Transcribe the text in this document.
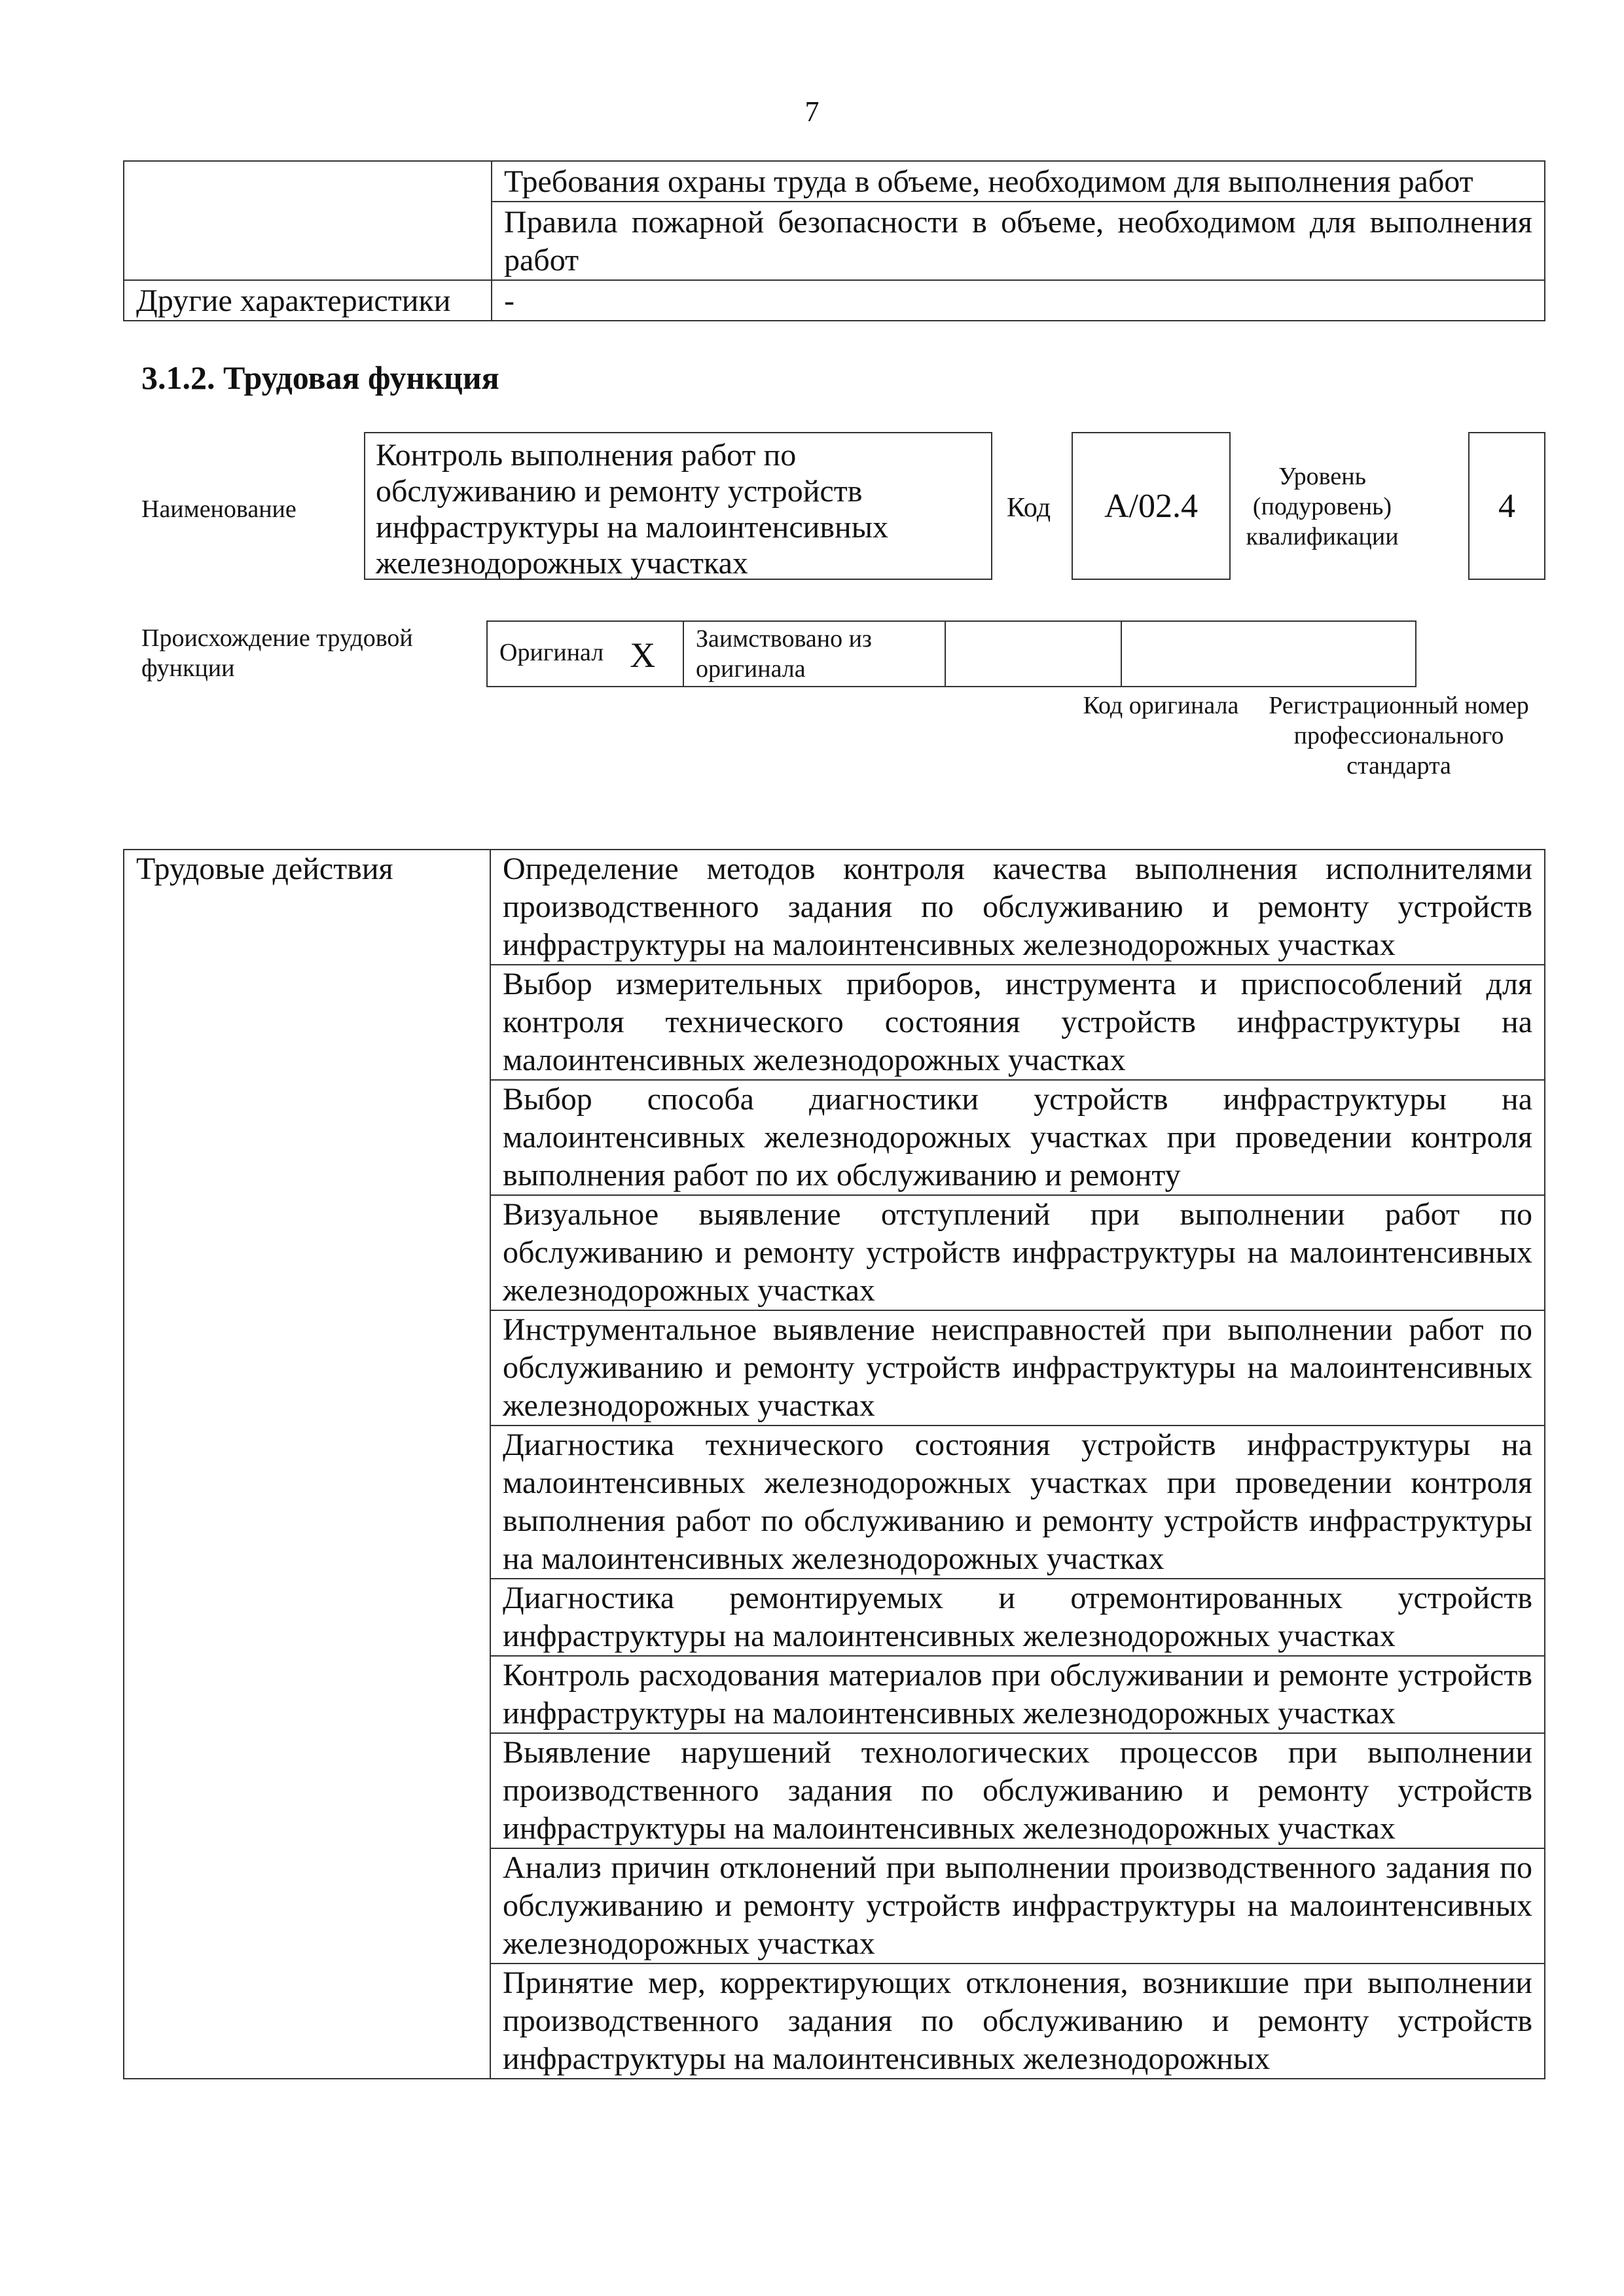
7
	Требования охраны труда в объеме, необходимом для выполнения работ
	Правила пожарной безопасности в объеме, необходимом для выполнения работ
Другие характеристики	-
3.1.2. Трудовая функция
Наименование
Контроль выполнения работ по обслуживанию и ремонту устройств инфраструктуры на малоинтенсивных железнодорожных участках
Код	А/02.4
Уровень (подуровень) квалификации
4
Происхождение трудовой функции
Оригинал Х	Заимствовано из оригинала		
Код оригинала	Регистрационный номер профессионального стандарта
Трудовые действия	Определение методов контроля качества выполнения исполнителями производственного задания по обслуживанию и ремонту устройств инфраструктуры на малоинтенсивных железнодорожных участках
Выбор измерительных приборов, инструмента и приспособлений для контроля технического состояния устройств инфраструктуры на малоинтенсивных железнодорожных участках
Выбор способа диагностики устройств инфраструктуры на малоинтенсивных железнодорожных участках при проведении контроля выполнения работ по их обслуживанию и ремонту
Визуальное выявление отступлений при выполнении работ по обслуживанию и ремонту устройств инфраструктуры на малоинтенсивных железнодорожных участках
Инструментальное выявление неисправностей при выполнении работ по обслуживанию и ремонту устройств инфраструктуры на малоинтенсивных железнодорожных участках
Диагностика технического состояния устройств инфраструктуры на малоинтенсивных железнодорожных участках при проведении контроля выполнения работ по обслуживанию и ремонту устройств инфраструктуры на малоинтенсивных железнодорожных участках
Диагностика ремонтируемых и отремонтированных устройств инфраструктуры на малоинтенсивных железнодорожных участках
Контроль расходования материалов при обслуживании и ремонте устройств инфраструктуры на малоинтенсивных железнодорожных участках
Выявление нарушений технологических процессов при выполнении производственного задания по обслуживанию и ремонту устройств инфраструктуры на малоинтенсивных железнодорожных участках
Анализ причин отклонений при выполнении производственного задания по обслуживанию и ремонту устройств инфраструктуры на малоинтенсивных железнодорожных участках
Принятие мер, корректирующих отклонения, возникшие при выполнении производственного задания по обслуживанию и ремонту устройств инфраструктуры на малоинтенсивных железнодорожных
